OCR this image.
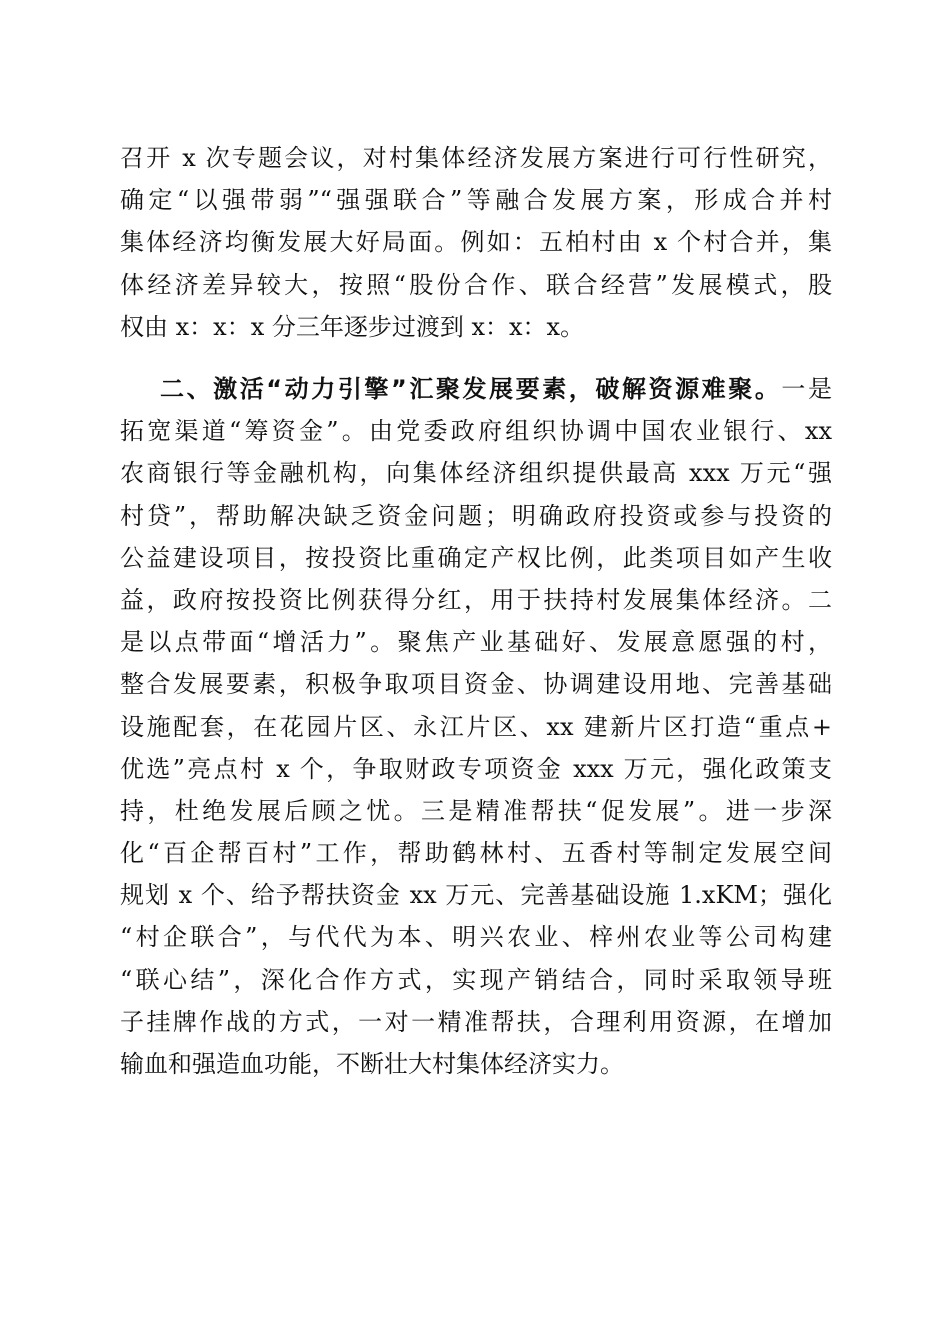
召开 x 次专题会议，对村集体经济发展方案进行可行性研究，
确定“以强带弱”“强强联合”等融合发展方案，形成合并村
集体经济均衡发展大好局面。例如：五柏村由 x 个村合并，集
体经济差异较大，按照“股份合作、联合经营”发展模式，股
权由 x：x：x 分三年逐步过渡到 x：x：x。
二、激活“动力引擎”汇聚发展要素，破解资源难聚。一是
拓宽渠道“筹资金”。由党委政府组织协调中国农业银行、xx
农商银行等金融机构，向集体经济组织提供最高 xxx 万元“强
村贷”，帮助解决缺乏资金问题；明确政府投资或参与投资的
公益建设项目，按投资比重确定产权比例，此类项目如产生收
益，政府按投资比例获得分红，用于扶持村发展集体经济。二
是以点带面“增活力”。聚焦产业基础好、发展意愿强的村，
整合发展要素，积极争取项目资金、协调建设用地、完善基础
设施配套，在花园片区、永江片区、xx 建新片区打造“重点+
优选”亮点村 x 个，争取财政专项资金 xxx 万元，强化政策支
持，杜绝发展后顾之忧。三是精准帮扶“促发展”。进一步深
化“百企帮百村”工作，帮助鹤林村、五香村等制定发展空间
规划 x 个、给予帮扶资金 xx 万元、完善基础设施 1.xKM；强化
“村企联合”，与代代为本、明兴农业、梓州农业等公司构建
“联心结”，深化合作方式，实现产销结合，同时采取领导班
子挂牌作战的方式，一对一精准帮扶，合理利用资源，在增加
输血和强造血功能，不断壮大村集体经济实力。
